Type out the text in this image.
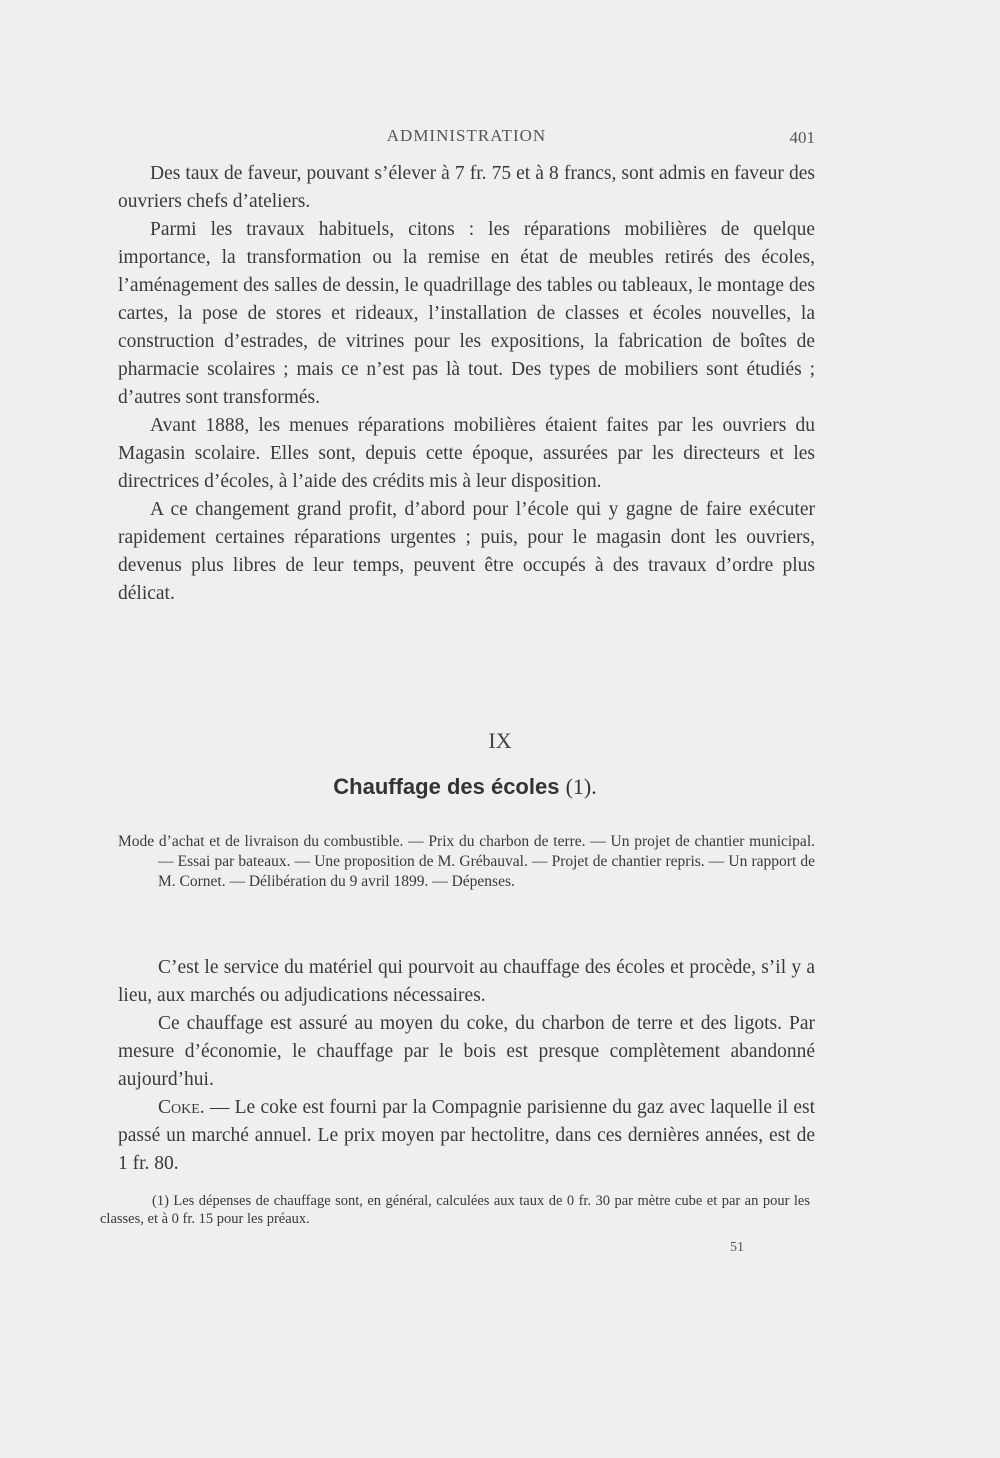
ADMINISTRATION	401

Des taux de faveur, pouvant s’élever à 7 fr. 75 et à 8 francs, sont admis en faveur des ouvriers chefs d’ateliers.

Parmi les travaux habituels, citons : les réparations mobilières de quelque importance, la transformation ou la remise en état de meubles retirés des écoles, l’aménagement des salles de dessin, le quadrillage des tables ou tableaux, le montage des cartes, la pose de stores et rideaux, l’installation de classes et écoles nouvelles, la construction d’estrades, de vitrines pour les expositions, la fabrication de boîtes de pharmacie scolaires ; mais ce n’est pas là tout. Des types de mobiliers sont étudiés ; d’autres sont transformés.

Avant 1888, les menues réparations mobilières étaient faites par les ouvriers du Magasin scolaire. Elles sont, depuis cette époque, assurées par les directeurs et les directrices d’écoles, à l’aide des crédits mis à leur disposition.

A ce changement grand profit, d’abord pour l’école qui y gagne de faire exécuter rapidement certaines réparations urgentes ; puis, pour le magasin dont les ouvriers, devenus plus libres de leur temps, peuvent être occupés à des travaux d’ordre plus délicat.

IX
Chauffage des écoles (1).
Mode d’achat et de livraison du combustible. — Prix du charbon de terre. — Un projet de chantier municipal. — Essai par bateaux. — Une proposition de M. Grébauval. — Projet de chantier repris. — Un rapport de M. Cornet. — Délibération du 9 avril 1899. — Dépenses.

C’est le service du matériel qui pourvoit au chauffage des écoles et procède, s’il y a lieu, aux marchés ou adjudications nécessaires.

Ce chauffage est assuré au moyen du coke, du charbon de terre et des ligots. Par mesure d’économie, le chauffage par le bois est presque complètement abandonné aujourd’hui.

Coke. — Le coke est fourni par la Compagnie parisienne du gaz avec laquelle il est passé un marché annuel. Le prix moyen par hectolitre, dans ces dernières années, est de 1 fr. 80.

(1) Les dépenses de chauffage sont, en général, calculées aux taux de 0 fr. 30 par mètre cube et par an pour les classes, et à 0 fr. 15 pour les préaux.
51
